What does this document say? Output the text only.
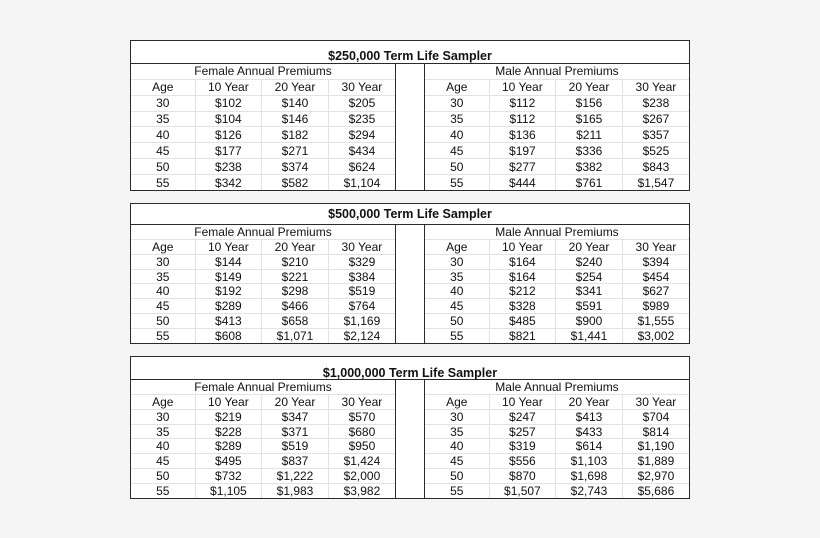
$250,000 Term Life Sampler
Female Annual Premiums			
Age	10 Year	20 Year	30 Year
30	$102	$140	$205
35	$104	$146	$235
40	$126	$182	$294
45	$177	$271	$434
50	$238	$374	$624
55	$342	$582	$1,104
Male Annual Premiums			
Age	10 Year	20 Year	30 Year
30	$112	$156	$238
35	$112	$165	$267
40	$136	$211	$357
45	$197	$336	$525
50	$277	$382	$843
55	$444	$761	$1,547
$500,000 Term Life Sampler
Female Annual Premiums			
Age	10 Year	20 Year	30 Year
30	$144	$210	$329
35	$149	$221	$384
40	$192	$298	$519
45	$289	$466	$764
50	$413	$658	$1,169
55	$608	$1,071	$2,124
Male Annual Premiums			
Age	10 Year	20 Year	30 Year
30	$164	$240	$394
35	$164	$254	$454
40	$212	$341	$627
45	$328	$591	$989
50	$485	$900	$1,555
55	$821	$1,441	$3,002
$1,000,000 Term Life Sampler
Female Annual Premiums			
Age	10 Year	20 Year	30 Year
30	$219	$347	$570
35	$228	$371	$680
40	$289	$519	$950
45	$495	$837	$1,424
50	$732	$1,222	$2,000
55	$1,105	$1,983	$3,982
Male Annual Premiums			
Age	10 Year	20 Year	30 Year
30	$247	$413	$704
35	$257	$433	$814
40	$319	$614	$1,190
45	$556	$1,103	$1,889
50	$870	$1,698	$2,970
55	$1,507	$2,743	$5,686
